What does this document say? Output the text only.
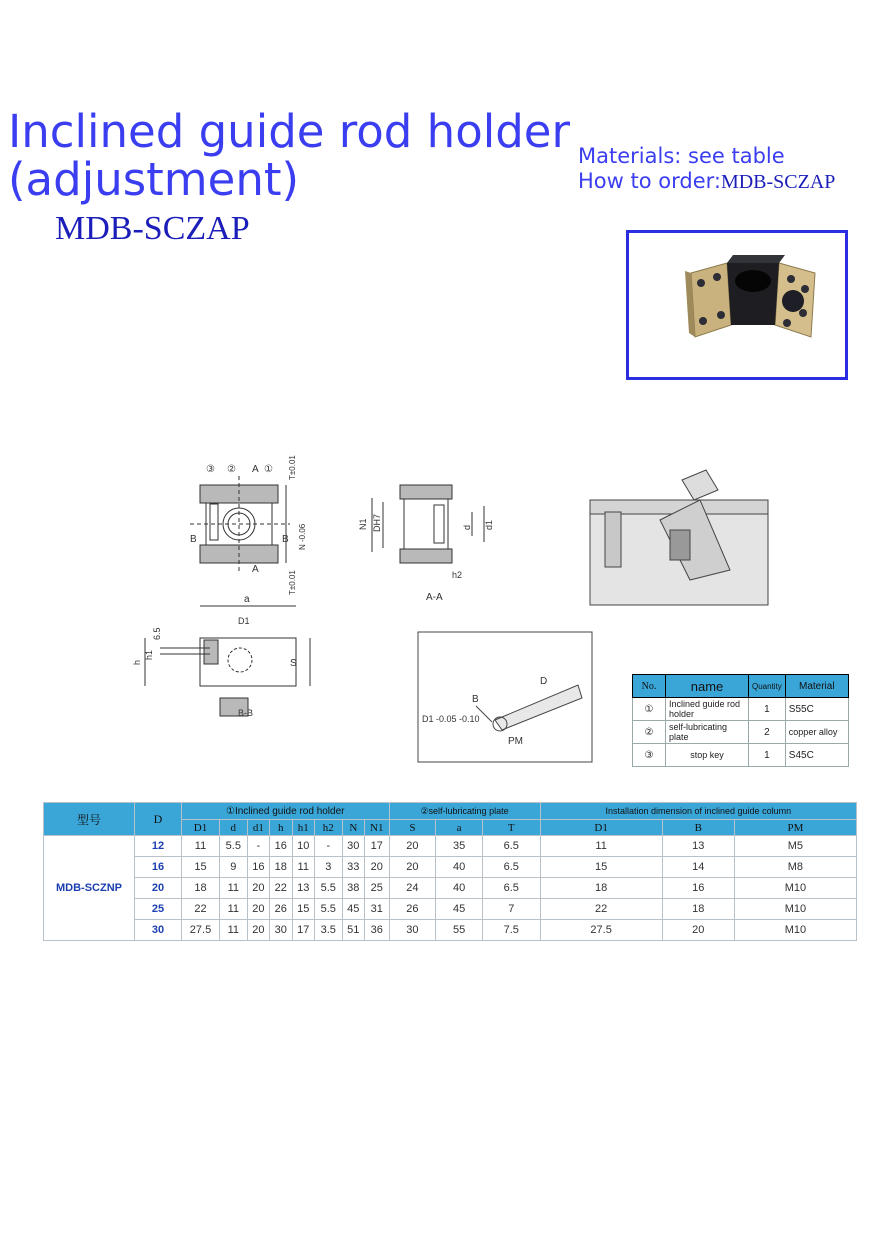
Inclined guide rod holder
(adjustment)
MDB-SCZAP
Materials: see table
How to order:MDB-SCZAP
③ ② A ①
A
B	B
T±0.01
N -0.06
T±0.01
N1 DH7	d d1
h2
A-A
a
D1
6.5
h
h1
S
B-B
D
B
D1 -0.05 -0.10
PM
No.	name	Quantity	Material
①	Inclined guide rod holder	1	S55C
②	self-lubricating plate	2	copper alloy
③	stop key	1	S45C
型号	D	①Inclined guide rod holder								②self-lubricating plate			Installation dimension of inclined guide column		
		D1	d	d1	h	h1	h2	N	N1	S	a	T	D1	B	PM
MDB-SCZNP	12	11	5.5	-	16	10	-	30	17	20	35	6.5	11	13	M5
	16	15	9	16	18	11	3	33	20	20	40	6.5	15	14	M8
	20	18	11	20	22	13	5.5	38	25	24	40	6.5	18	16	M10
	25	22	11	20	26	15	5.5	45	31	26	45	7	22	18	M10
	30	27.5	11	20	30	17	3.5	51	36	30	55	7.5	27.5	20	M10
